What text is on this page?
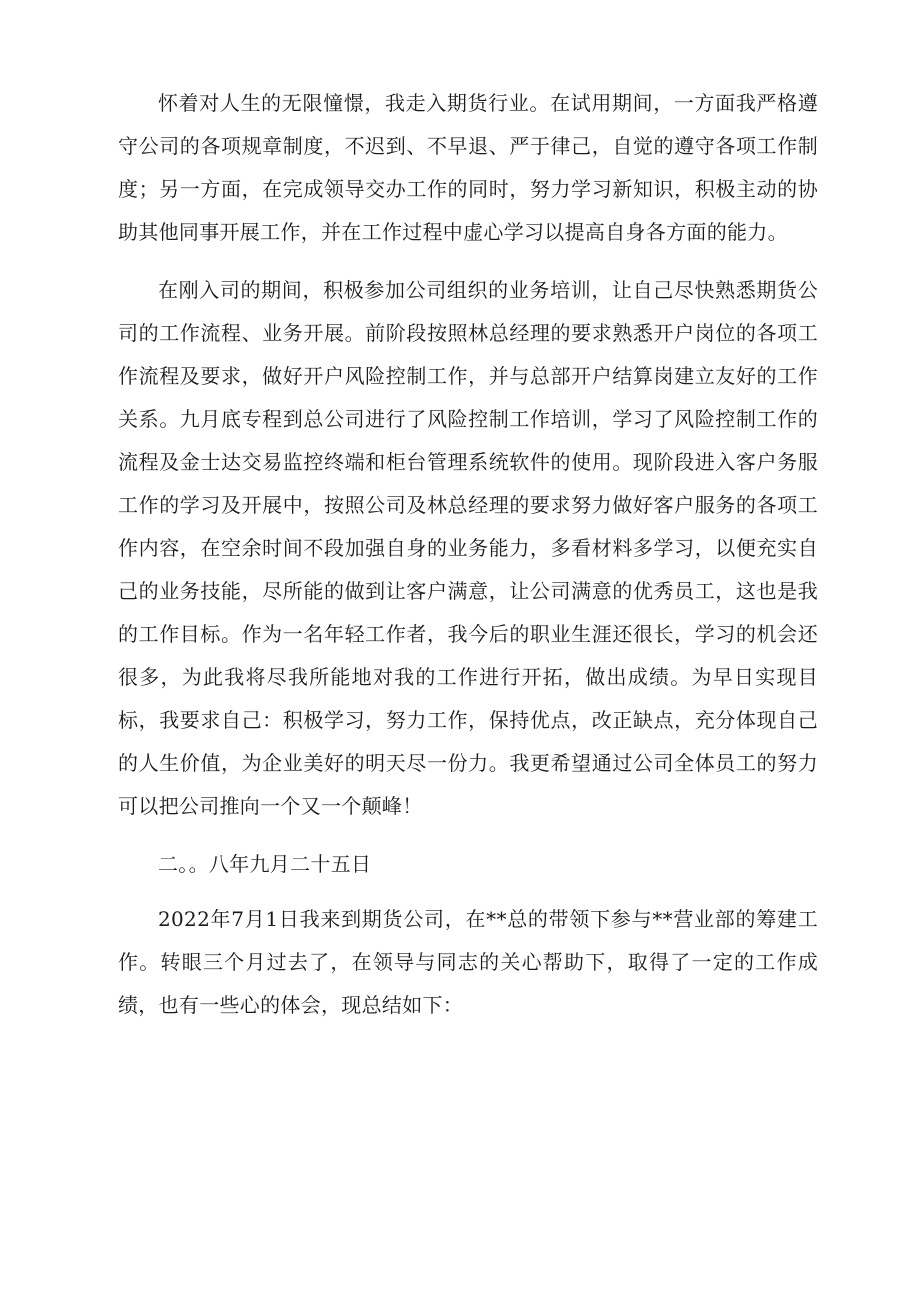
怀着对人生的无限憧憬，我走入期货行业。在试用期间，一方面我严格遵守公司的各项规章制度，不迟到、不早退、严于律己，自觉的遵守各项工作制度；另一方面，在完成领导交办工作的同时，努力学习新知识，积极主动的协助其他同事开展工作，并在工作过程中虚心学习以提高自身各方面的能力。

在刚入司的期间，积极参加公司组织的业务培训，让自己尽快熟悉期货公司的工作流程、业务开展。前阶段按照林总经理的要求熟悉开户岗位的各项工作流程及要求，做好开户风险控制工作，并与总部开户结算岗建立友好的工作关系。九月底专程到总公司进行了风险控制工作培训，学习了风险控制工作的流程及金士达交易监控终端和柜台管理系统软件的使用。现阶段进入客户务服工作的学习及开展中，按照公司及林总经理的要求努力做好客户服务的各项工作内容，在空余时间不段加强自身的业务能力，多看材料多学习，以便充实自己的业务技能，尽所能的做到让客户满意，让公司满意的优秀员工，这也是我的工作目标。作为一名年轻工作者，我今后的职业生涯还很长，学习的机会还很多，为此我将尽我所能地对我的工作进行开拓，做出成绩。为早日实现目标，我要求自己：积极学习，努力工作，保持优点，改正缺点，充分体现自己的人生价值，为企业美好的明天尽一份力。我更希望通过公司全体员工的努力可以把公司推向一个又一个颠峰！

二。。八年九月二十五日

2022年7月1日我来到期货公司，在**总的带领下参与**营业部的筹建工作。转眼三个月过去了，在领导与同志的关心帮助下，取得了一定的工作成绩，也有一些心的体会，现总结如下：
